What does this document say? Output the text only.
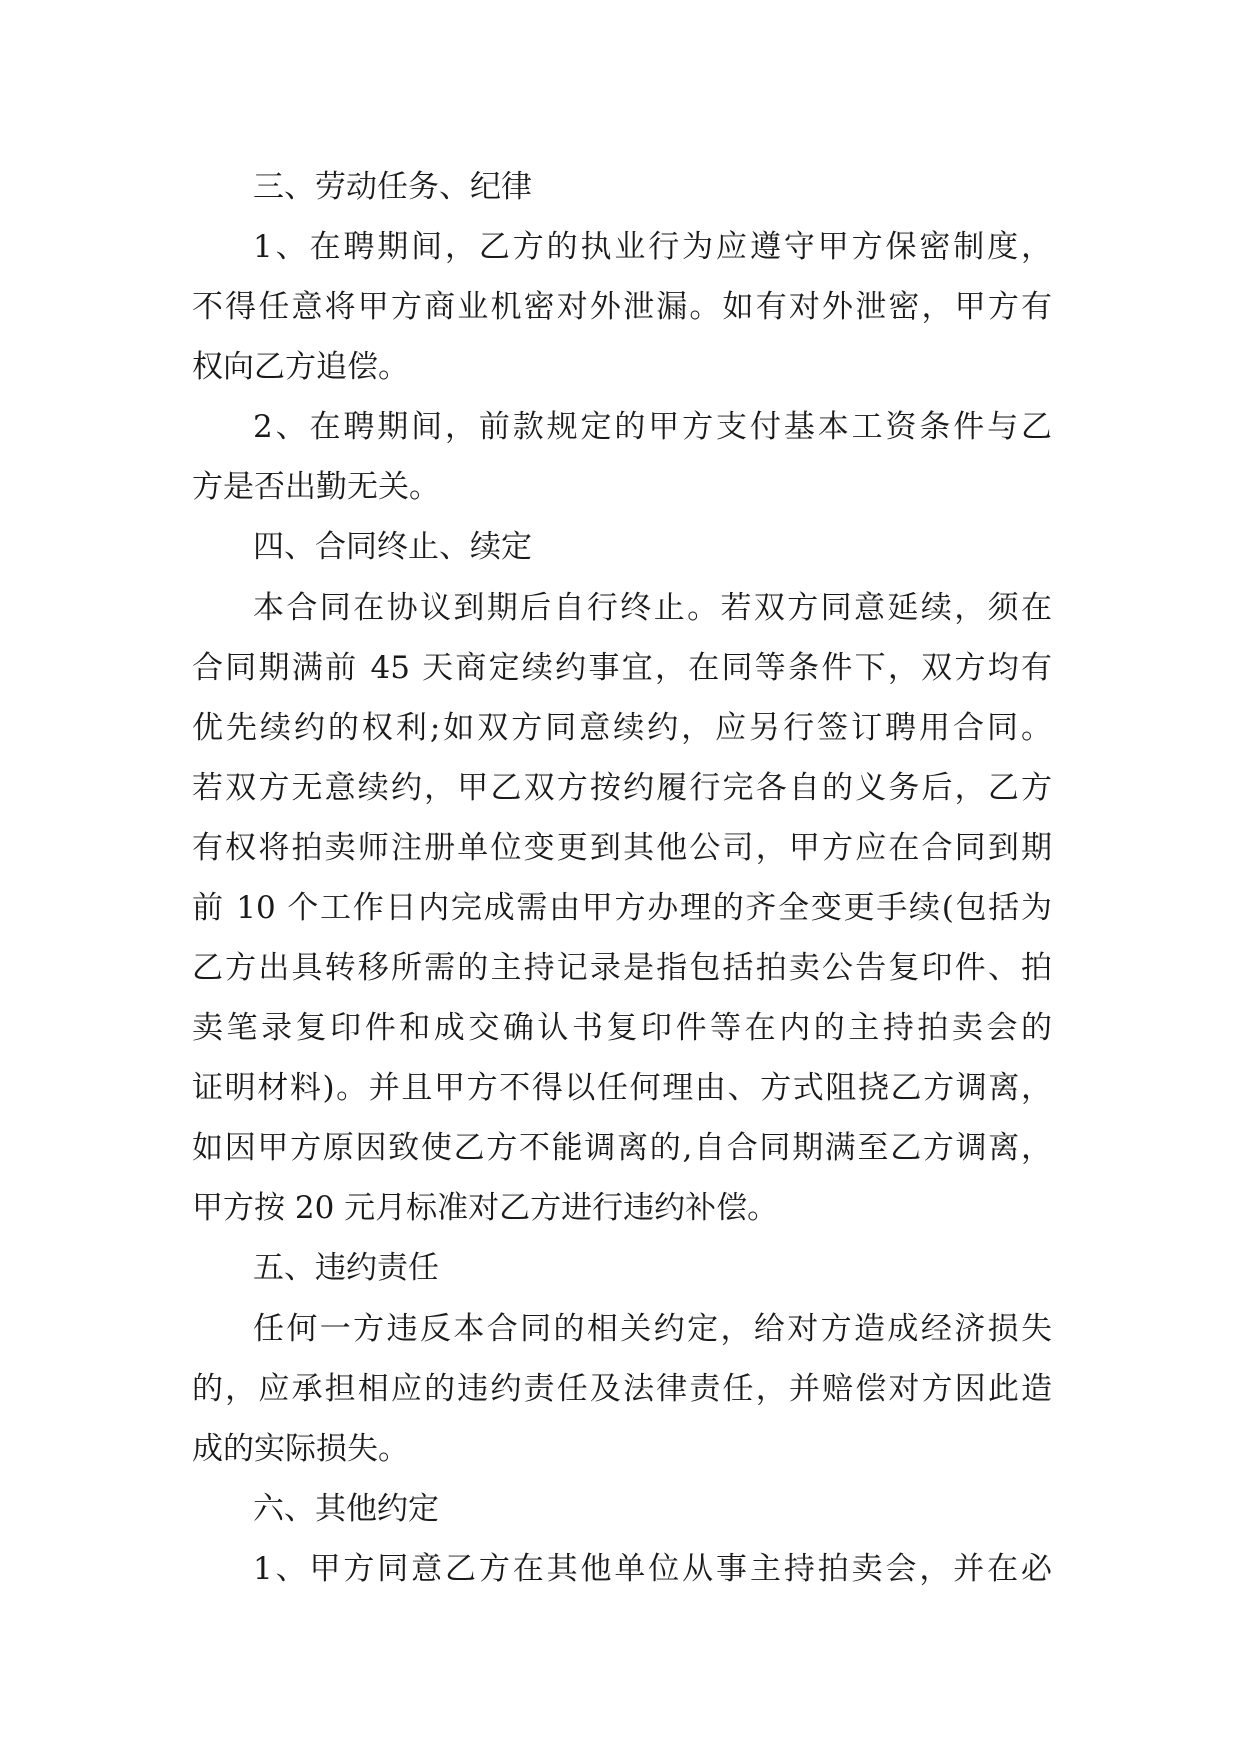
三、劳动任务、纪律
1、在聘期间，乙方的执业行为应遵守甲方保密制度，
不得任意将甲方商业机密对外泄漏。如有对外泄密，甲方有
权向乙方追偿。
2、在聘期间，前款规定的甲方支付基本工资条件与乙
方是否出勤无关。
四、合同终止、续定
本合同在协议到期后自行终止。若双方同意延续，须在
合同期满前 45 天商定续约事宜，在同等条件下，双方均有
优先续约的权利;如双方同意续约，应另行签订聘用合同。
若双方无意续约，甲乙双方按约履行完各自的义务后，乙方
有权将拍卖师注册单位变更到其他公司，甲方应在合同到期
前 10 个工作日内完成需由甲方办理的齐全变更手续(包括为
乙方出具转移所需的主持记录是指包括拍卖公告复印件、拍
卖笔录复印件和成交确认书复印件等在内的主持拍卖会的
证明材料)。并且甲方不得以任何理由、方式阻挠乙方调离，
如因甲方原因致使乙方不能调离的,自合同期满至乙方调离，
甲方按 20 元月标准对乙方进行违约补偿。
五、违约责任
任何一方违反本合同的相关约定，给对方造成经济损失
的，应承担相应的违约责任及法律责任，并赔偿对方因此造
成的实际损失。
六、其他约定
1、甲方同意乙方在其他单位从事主持拍卖会，并在必
